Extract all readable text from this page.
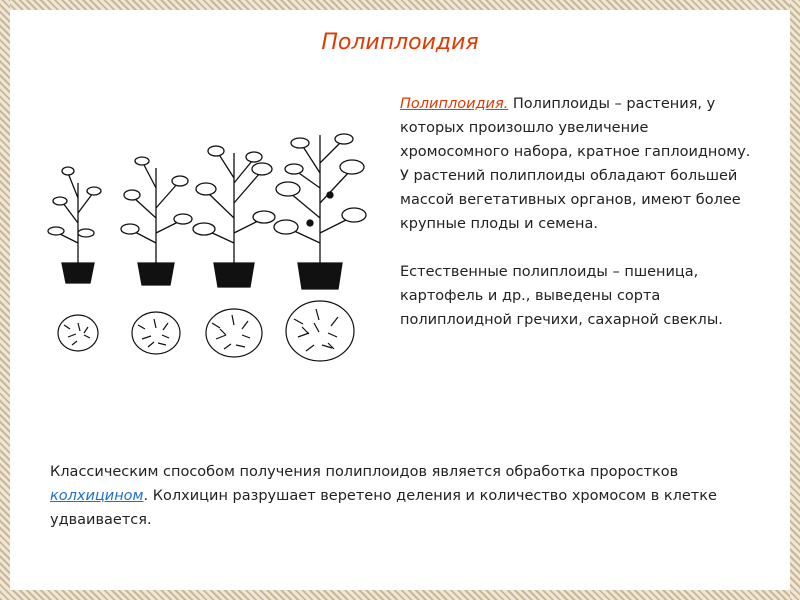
Полиплоидия

Полиплоидия. Полиплоиды – растения, у которых произошло увеличение хромосомного набора, кратное гаплоидному. У растений полиплоиды обладают большей массой вегетативных органов, имеют более крупные плоды и семена.

Естественные полиплоиды – пшеница, картофель и др., выведены сорта полиплоидной гречихи, сахарной свеклы.

Классическим способом получения полиплоидов является обработка проростков колхицином. Колхицин разрушает веретено деления и количество хромосом в клетке удваивается.
